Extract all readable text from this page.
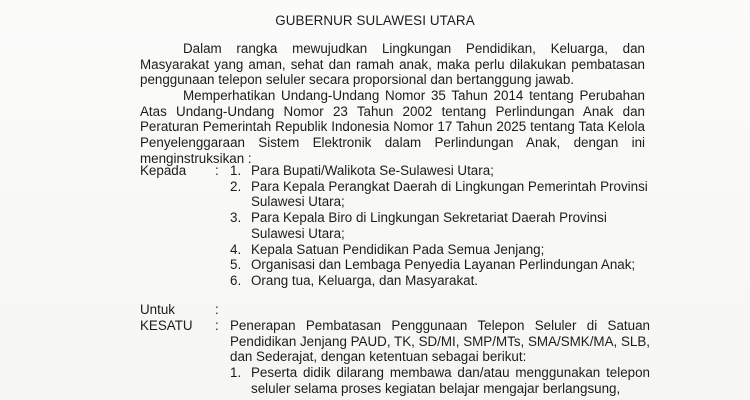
GUBERNUR SULAWESI UTARA
Dalam rangka mewujudkan Lingkungan Pendidikan, Keluarga, dan Masyarakat yang aman, sehat dan ramah anak, maka perlu dilakukan pembatasan penggunaan telepon seluler secara proporsional dan bertanggung jawab.
Memperhatikan Undang-Undang Nomor 35 Tahun 2014 tentang Perubahan Atas Undang-Undang Nomor 23 Tahun 2002 tentang Perlindungan Anak dan Peraturan Pemerintah Republik Indonesia Nomor 17 Tahun 2025 tentang Tata Kelola Penyelenggaraan Sistem Elektronik dalam Perlindungan Anak, dengan ini menginstruksikan :
Kepada : 1. Para Bupati/Walikota Se-Sulawesi Utara;
2. Para Kepala Perangkat Daerah di Lingkungan Pemerintah Provinsi Sulawesi Utara;
3. Para Kepala Biro di Lingkungan Sekretariat Daerah Provinsi Sulawesi Utara;
4. Kepala Satuan Pendidikan Pada Semua Jenjang;
5. Organisasi dan Lembaga Penyedia Layanan Perlindungan Anak;
6. Orang tua, Keluarga, dan Masyarakat.
Untuk	:
KESATU : Penerapan Pembatasan Penggunaan Telepon Seluler di Satuan Pendidikan Jenjang PAUD, TK, SD/MI, SMP/MTs, SMA/SMK/MA, SLB, dan Sederajat, dengan ketentuan sebagai berikut:
1. Peserta didik dilarang membawa dan/atau menggunakan telepon seluler selama proses kegiatan belajar mengajar berlangsung,
